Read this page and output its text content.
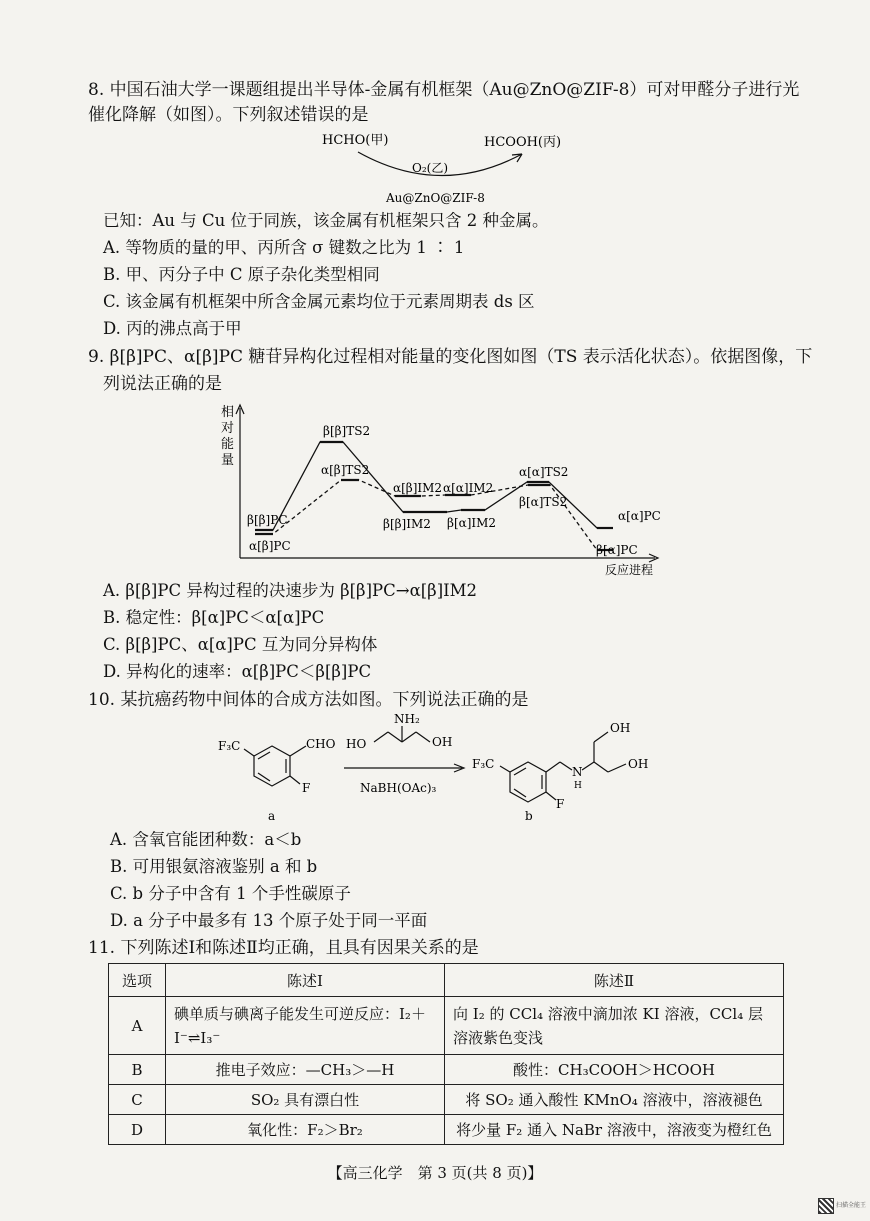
8. 中国石油大学一课题组提出半导体-金属有机框架（Au@ZnO@ZIF-8）可对甲醛分子进行光
催化降解（如图）。下列叙述错误的是
HCHO(甲)	HCOOH(丙)
O₂(乙)
Au@ZnO@ZIF-8
已知：Au 与 Cu 位于同族，该金属有机框架只含 2 种金属。
A. 等物质的量的甲、丙所含 σ 键数之比为 1 ∶ 1
B. 甲、丙分子中 C 原子杂化类型相同
C. 该金属有机框架中所含金属元素均位于元素周期表 ds 区
D. 丙的沸点高于甲
9. β[β]PC、α[β]PC 糖苷异构化过程相对能量的变化图如图（TS 表示活化状态）。依据图像，下
列说法正确的是
相
对
能
量
反应进程
β[β]PC
α[β]PC
β[β]TS2
α[β]TS2
α[β]IM2
β[β]IM2
α[α]IM2
β[α]IM2
α[α]TS2
β[α]TS2
α[α]PC
β[α]PC
A. β[β]PC 异构过程的决速步为 β[β]PC→α[β]IM2
B. 稳定性：β[α]PC＜α[α]PC
C. β[β]PC、α[α]PC 互为同分异构体
D. 异构化的速率：α[β]PC＜β[β]PC
10. 某抗癌药物中间体的合成方法如图。下列说法正确的是
F₃C	CHO
F
a
NH₂
HO	OH
NaBH(OAc)₃
F₃C
N
H
F
OH
OH
b
A. 含氧官能团种数：a＜b
B. 可用银氨溶液鉴别 a 和 b
C. b 分子中含有 1 个手性碳原子
D. a 分子中最多有 13 个原子处于同一平面
11. 下列陈述Ⅰ和陈述Ⅱ均正确，且具有因果关系的是
选项	陈述Ⅰ	陈述Ⅱ
A	碘单质与碘离子能发生可逆反应：I₂＋I⁻⇌I₃⁻	向 I₂ 的 CCl₄ 溶液中滴加浓 KI 溶液，CCl₄ 层溶液紫色变浅
B	推电子效应：—CH₃＞—H	酸性：CH₃COOH＞HCOOH
C	SO₂ 具有漂白性	将 SO₂ 通入酸性 KMnO₄ 溶液中，溶液褪色
D	氧化性：F₂＞Br₂	将少量 F₂ 通入 NaBr 溶液中，溶液变为橙红色
【高三化学　第 3 页(共 8 页)】
扫描全能王
